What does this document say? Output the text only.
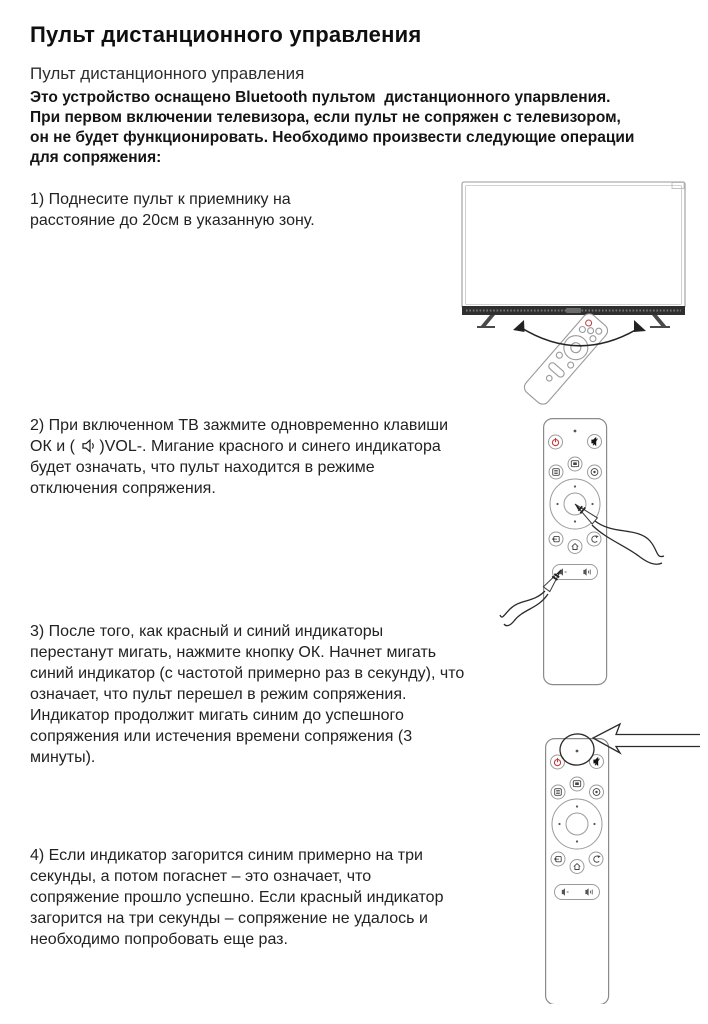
Пульт дистанционного управления
Пульт дистанционного управления
Это устройство оснащено Bluetooth пультом  дистанционного упарвления.
При первом включении телевизора, если пульт не сопряжен с телевизором,
он не будет функционировать. Необходимо произвести следующие операции
для сопряжения:
1) Поднесите пульт к приемнику на
расстояние до 20см в указанную зону.
2) При включенном ТВ зажмите одновременно клавиши
ОК и ( )VOL-. Мигание красного и синего индикатора
будет означать, что пульт находится в режиме
отключения сопряжения.
3) После того, как красный и синий индикаторы
перестанут мигать, нажмите кнопку ОК. Начнет мигать
синий индикатор (с частотой примерно раз в секунду), что
означает, что пульт перешел в режим сопряжения.
Индикатор продолжит мигать синим до успешного
сопряжения или истечения времени сопряжения (3
минуты).
4) Если индикатор загорится синим примерно на три
секунды, а потом погаснет – это означает, что
сопряжение прошло успешно. Если красный индикатор
загорится на три секунды – сопряжение не удалось и
необходимо попробовать еще раз.
